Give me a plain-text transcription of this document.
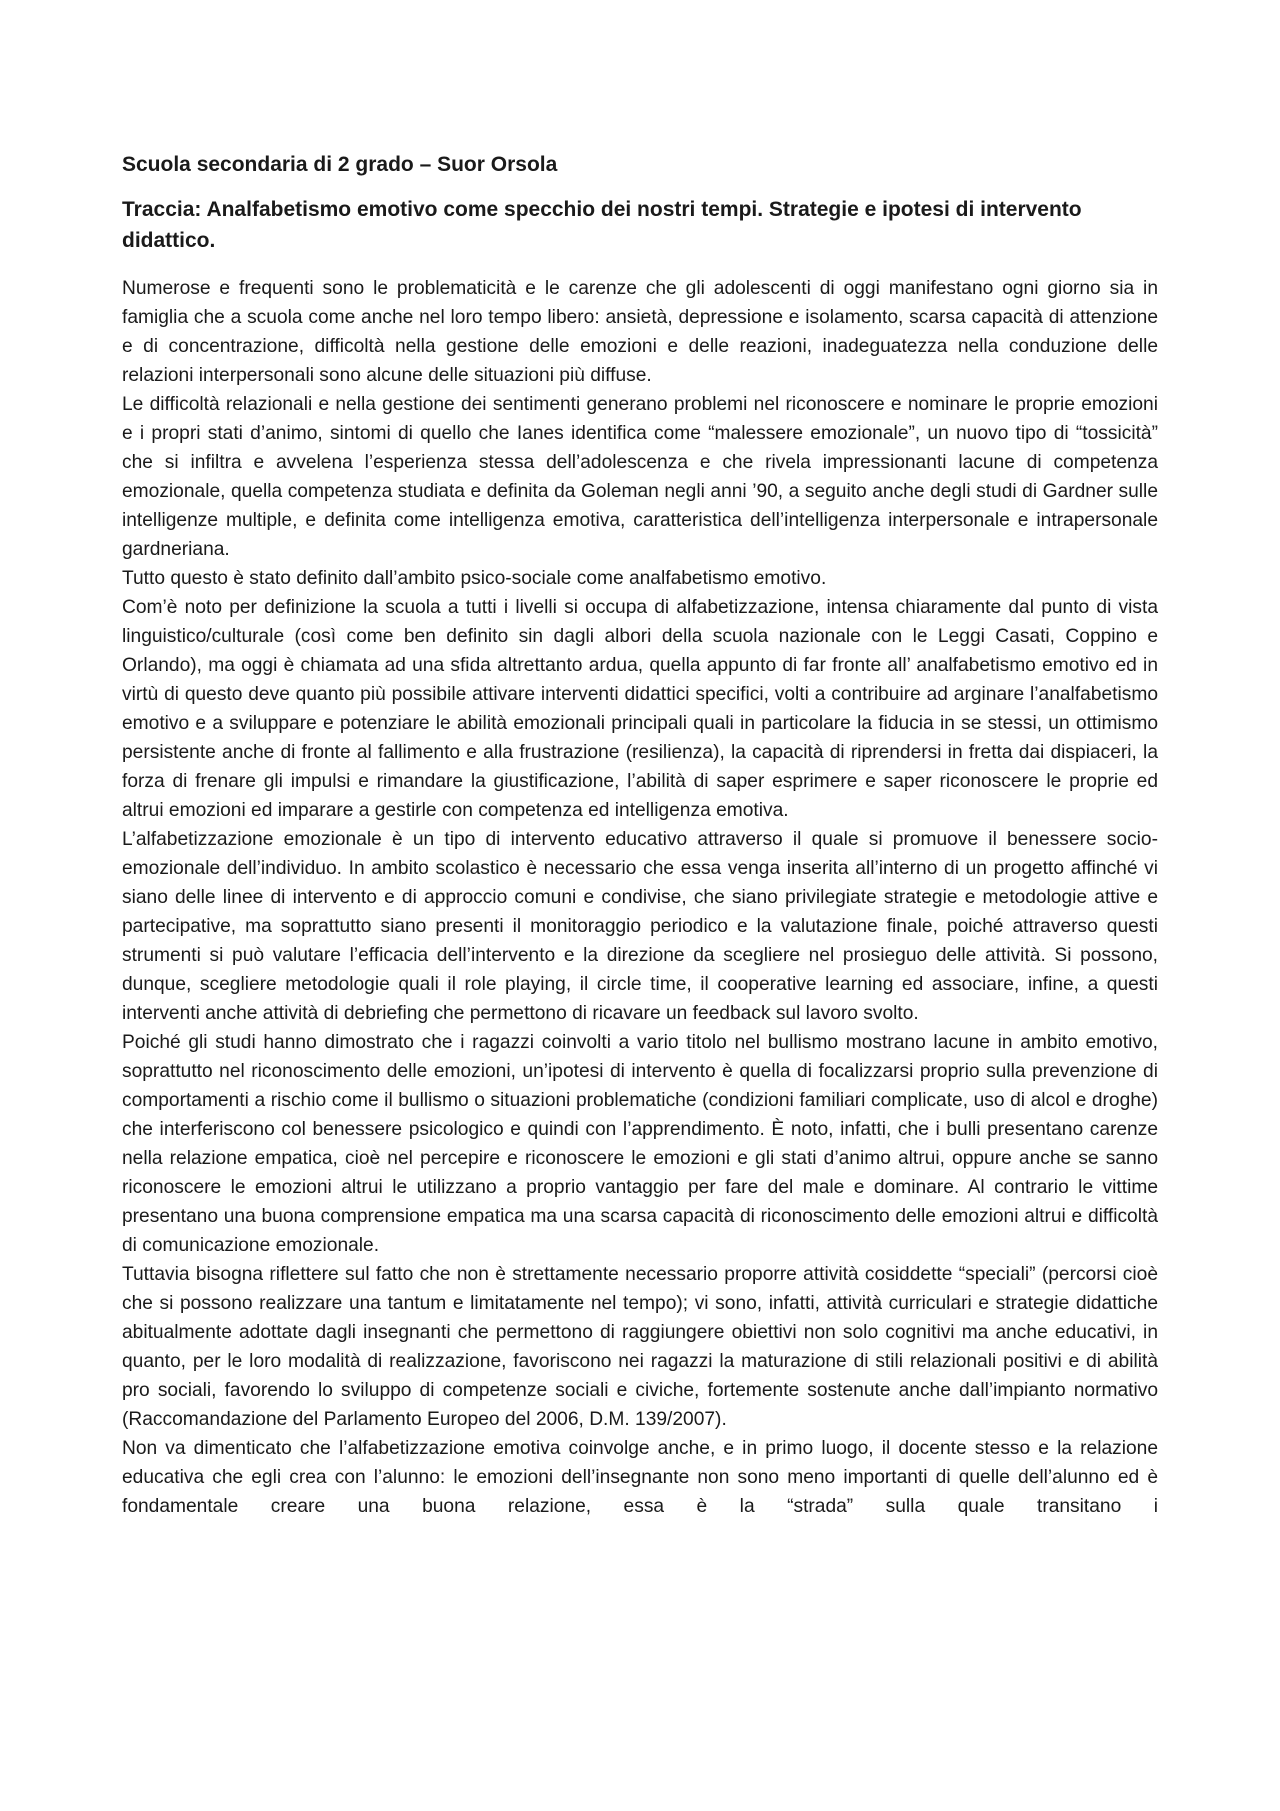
Scuola secondaria di 2 grado – Suor Orsola
Traccia: Analfabetismo emotivo come specchio dei nostri tempi. Strategie e ipotesi di intervento didattico.

Numerose e frequenti sono le problematicità e le carenze che gli adolescenti di oggi manifestano ogni giorno sia in famiglia che a scuola come anche nel loro tempo libero: ansietà, depressione e isolamento, scarsa capacità di attenzione e di concentrazione, difficoltà nella gestione delle emozioni e delle reazioni, inadeguatezza nella conduzione delle relazioni interpersonali sono alcune delle situazioni più diffuse.

Le difficoltà relazionali e nella gestione dei sentimenti generano problemi nel riconoscere e nominare le proprie emozioni e i propri stati d’animo, sintomi di quello che Ianes identifica come “malessere emozionale”, un nuovo tipo di “tossicità” che si infiltra e avvelena l’esperienza stessa dell’adolescenza e che rivela impressionanti lacune di competenza emozionale, quella competenza studiata e definita da Goleman negli anni ’90, a seguito anche degli studi di Gardner sulle intelligenze multiple, e definita come intelligenza emotiva, caratteristica dell’intelligenza interpersonale e intrapersonale gardneriana.

Tutto questo è stato definito dall’ambito psico-sociale come analfabetismo emotivo.

Com’è noto per definizione la scuola a tutti i livelli si occupa di alfabetizzazione, intensa chiaramente dal punto di vista linguistico/culturale (così come ben definito sin dagli albori della scuola nazionale con le Leggi Casati, Coppino e Orlando), ma oggi è chiamata ad una sfida altrettanto ardua, quella appunto di far fronte all’ analfabetismo emotivo ed in virtù di questo deve quanto più possibile attivare interventi didattici specifici, volti a contribuire ad arginare l’analfabetismo emotivo e a sviluppare e potenziare le abilità emozionali principali quali in particolare la fiducia in se stessi, un ottimismo persistente anche di fronte al fallimento e alla frustrazione (resilienza), la capacità di riprendersi in fretta dai dispiaceri, la forza di frenare gli impulsi e rimandare la giustificazione, l’abilità di saper esprimere e saper riconoscere le proprie ed altrui emozioni ed imparare a gestirle con competenza ed intelligenza emotiva.

L’alfabetizzazione emozionale è un tipo di intervento educativo attraverso il quale si promuove il benessere socio-emozionale dell’individuo. In ambito scolastico è necessario che essa venga inserita all’interno di un progetto affinché vi siano delle linee di intervento e di approccio comuni e condivise, che siano privilegiate strategie e metodologie attive e partecipative, ma soprattutto siano presenti il monitoraggio periodico e la valutazione finale, poiché attraverso questi strumenti si può valutare l’efficacia dell’intervento e la direzione da scegliere nel prosieguo delle attività. Si possono, dunque, scegliere metodologie quali il role playing, il circle time, il cooperative learning ed associare, infine, a questi interventi anche attività di debriefing che permettono di ricavare un feedback sul lavoro svolto.

Poiché gli studi hanno dimostrato che i ragazzi coinvolti a vario titolo nel bullismo mostrano lacune in ambito emotivo, soprattutto nel riconoscimento delle emozioni, un’ipotesi di intervento è quella di focalizzarsi proprio sulla prevenzione di comportamenti a rischio come il bullismo o situazioni problematiche (condizioni familiari complicate, uso di alcol e droghe) che interferiscono col benessere psicologico e quindi con l’apprendimento. È noto, infatti, che i bulli presentano carenze nella relazione empatica, cioè nel percepire e riconoscere le emozioni e gli stati d’animo altrui, oppure anche se sanno riconoscere le emozioni altrui le utilizzano a proprio vantaggio per fare del male e dominare. Al contrario le vittime presentano una buona comprensione empatica ma una scarsa capacità di riconoscimento delle emozioni altrui e difficoltà di comunicazione emozionale.

Tuttavia bisogna riflettere sul fatto che non è strettamente necessario proporre attività cosiddette “speciali” (percorsi cioè che si possono realizzare una tantum e limitatamente nel tempo); vi sono, infatti, attività curriculari e strategie didattiche abitualmente adottate dagli insegnanti che permettono di raggiungere obiettivi non solo cognitivi ma anche educativi, in quanto, per le loro modalità di realizzazione, favoriscono nei ragazzi la maturazione di stili relazionali positivi e di abilità pro sociali, favorendo lo sviluppo di competenze sociali e civiche, fortemente sostenute anche dall’impianto normativo (Raccomandazione del Parlamento Europeo del 2006, D.M. 139/2007).

Non va dimenticato che l’alfabetizzazione emotiva coinvolge anche, e in primo luogo, il docente stesso e la relazione educativa che egli crea con l’alunno: le emozioni dell’insegnante non sono meno importanti di quelle dell’alunno ed è fondamentale creare una buona relazione, essa è la “strada” sulla quale transitano i
